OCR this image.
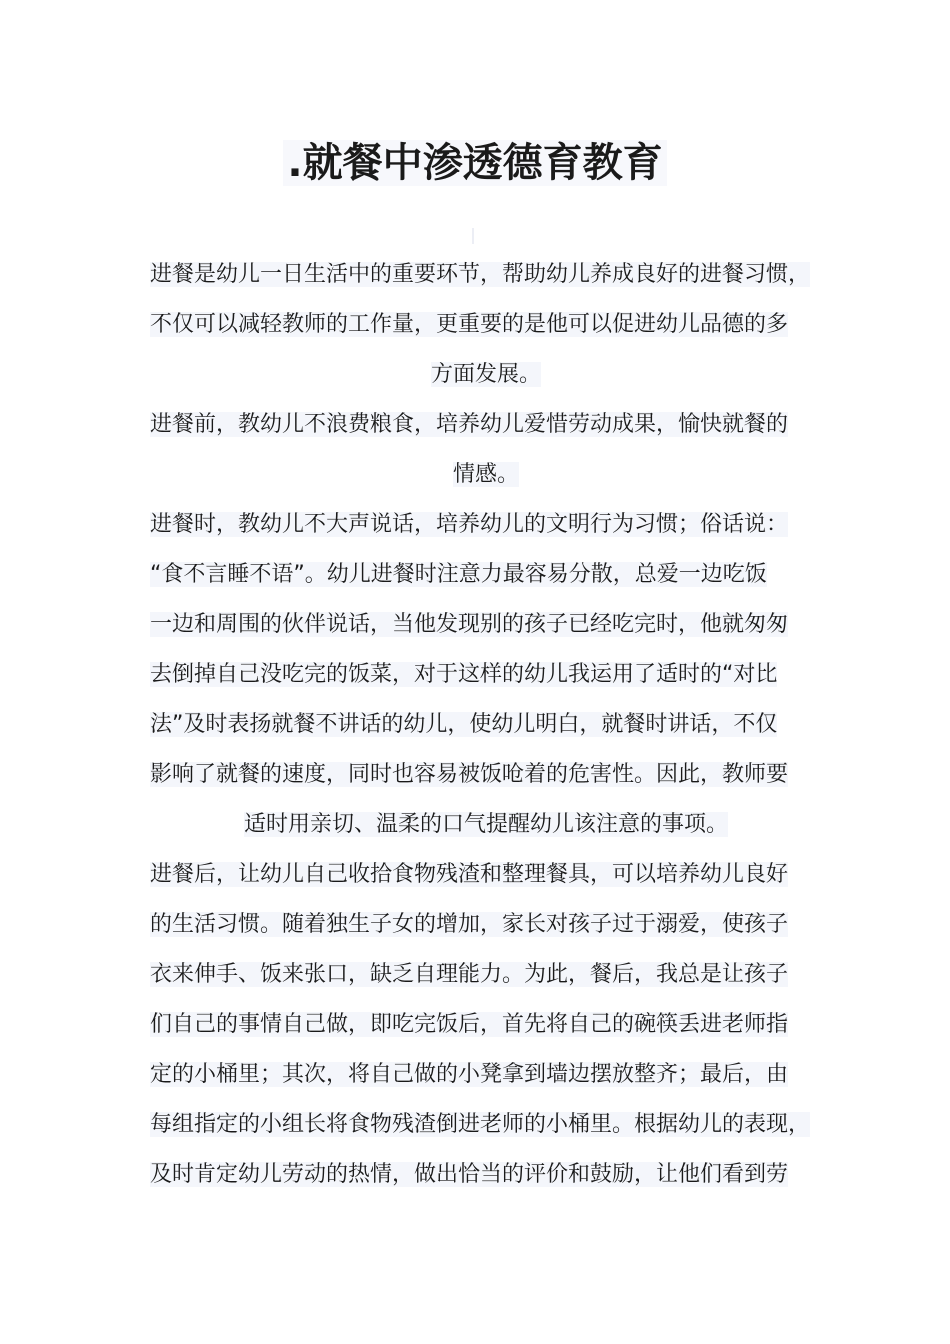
.就餐中渗透德育教育
进餐是幼儿一日生活中的重要环节，帮助幼儿养成良好的进餐习惯，
不仅可以减轻教师的工作量，更重要的是他可以促进幼儿品德的多
方面发展。
进餐前，教幼儿不浪费粮食，培养幼儿爱惜劳动成果，愉快就餐的
情感。
进餐时，教幼儿不大声说话，培养幼儿的文明行为习惯；俗话说：
“食不言睡不语”。幼儿进餐时注意力最容易分散，总爱一边吃饭
一边和周围的伙伴说话，当他发现别的孩子已经吃完时，他就匆匆
去倒掉自己没吃完的饭菜，对于这样的幼儿我运用了适时的“对比
法”及时表扬就餐不讲话的幼儿，使幼儿明白，就餐时讲话，不仅
影响了就餐的速度，同时也容易被饭呛着的危害性。因此，教师要
适时用亲切、温柔的口气提醒幼儿该注意的事项。
进餐后，让幼儿自己收拾食物残渣和整理餐具，可以培养幼儿良好
的生活习惯。随着独生子女的增加，家长对孩子过于溺爱，使孩子
衣来伸手、饭来张口，缺乏自理能力。为此，餐后，我总是让孩子
们自己的事情自己做，即吃完饭后，首先将自己的碗筷丢进老师指
定的小桶里；其次，将自己做的小凳拿到墙边摆放整齐；最后，由
每组指定的小组长将食物残渣倒进老师的小桶里。根据幼儿的表现，
及时肯定幼儿劳动的热情，做出恰当的评价和鼓励，让他们看到劳
